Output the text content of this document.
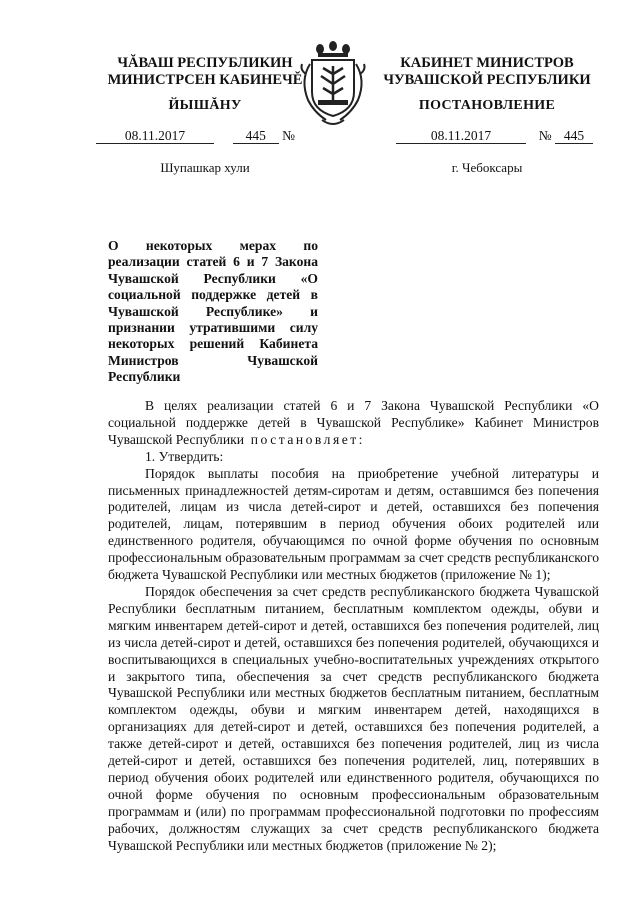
ЧĂВАШ РЕСПУБЛИКИН
МИНИСТРСЕН КАБИНЕЧĔ
ЙЫШĂНУ
КАБИНЕТ МИНИСТРОВ
ЧУВАШСКОЙ РЕСПУБЛИКИ
ПОСТАНОВЛЕНИЕ
08.11.2017	445 №	08.11.2017	№ 445
Шупашкар хули	г. Чебоксары
О некоторых мерах по реализации статей 6 и 7 Закона Чувашской Республики «О социальной поддержке детей в Чувашской Республике» и признании утратившими силу некоторых решений Кабинета Министров Чувашской Республики

В целях реализации статей 6 и 7 Закона Чувашской Республики «О социальной поддержке детей в Чувашской Республике» Кабинет Министров Чувашской Республики постановляет:

1. Утвердить:

Порядок выплаты пособия на приобретение учебной литературы и письменных принадлежностей детям-сиротам и детям, оставшимся без попечения родителей, лицам из числа детей-сирот и детей, оставшихся без попечения родителей, лицам, потерявшим в период обучения обоих родителей или единственного родителя, обучающимся по очной форме обучения по основным профессиональным образовательным программам за счет средств республиканского бюджета Чувашской Республики или местных бюджетов (приложение № 1);

Порядок обеспечения за счет средств республиканского бюджета Чувашской Республики бесплатным питанием, бесплатным комплектом одежды, обуви и мягким инвентарем детей-сирот и детей, оставшихся без попечения родителей, лиц из числа детей-сирот и детей, оставшихся без попечения родителей, обучающихся и воспитывающихся в специальных учебно-воспитательных учреждениях открытого и закрытого типа, обеспечения за счет средств республиканского бюджета Чувашской Республики или местных бюджетов бесплатным питанием, бесплатным комплектом одежды, обуви и мягким инвентарем детей, находящихся в организациях для детей-сирот и детей, оставшихся без попечения родителей, а также детей-сирот и детей, оставшихся без попечения родителей, лиц из числа детей-сирот и детей, оставшихся без попечения родителей, лиц, потерявших в период обучения обоих родителей или единственного родителя, обучающихся по очной форме обучения по основным профессиональным образовательным программам и (или) по программам профессиональной подготовки по профессиям рабочих, должностям служащих за счет средств республиканского бюджета Чувашской Республики или местных бюджетов (приложение № 2);
